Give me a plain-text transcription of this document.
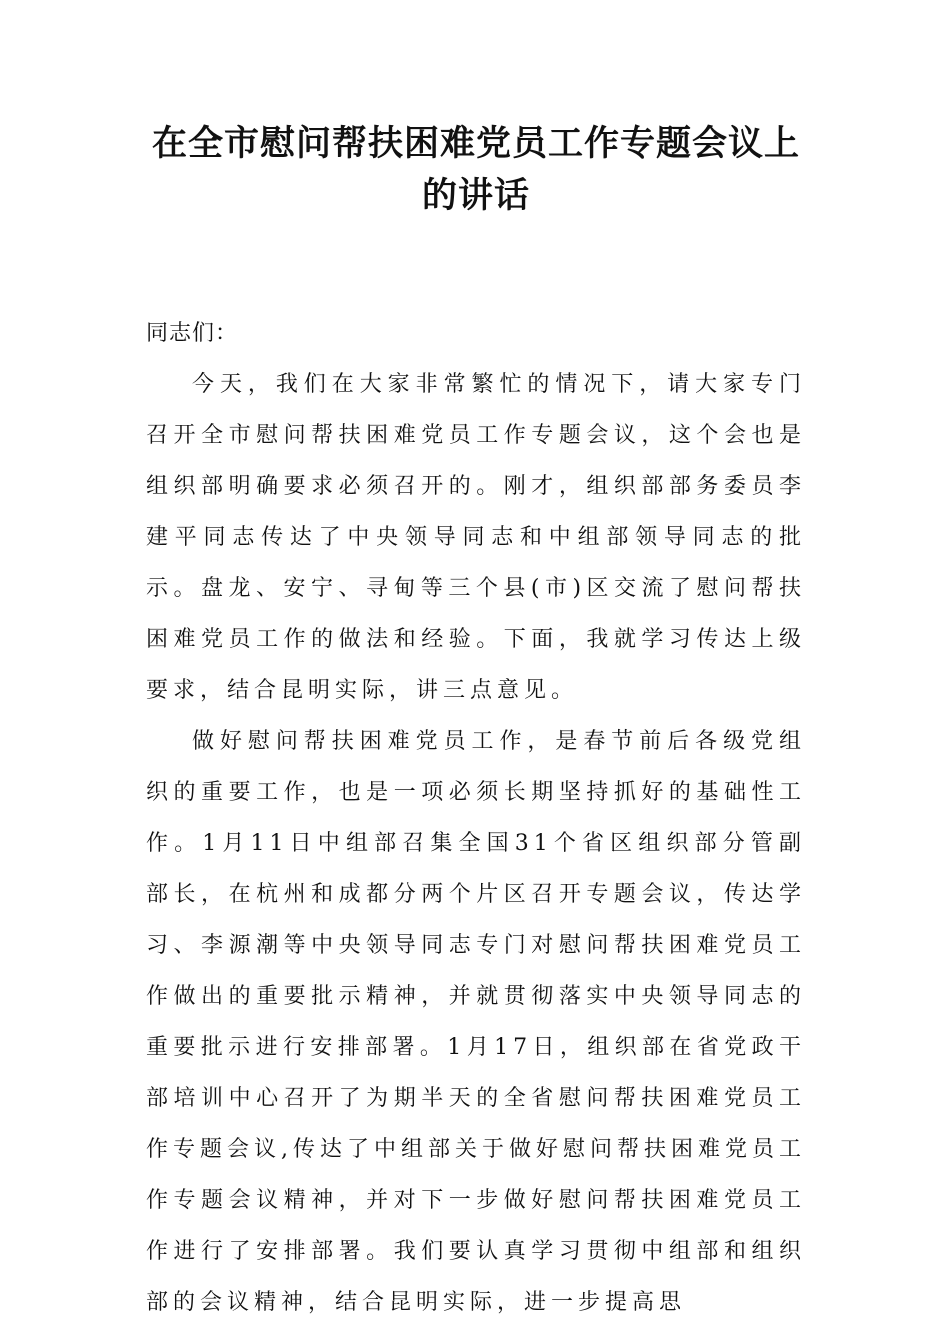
在全市慰问帮扶困难党员工作专题会议上
的讲话

同志们：

今天，我们在大家非常繁忙的情况下，请大家专门召开全市慰问帮扶困难党员工作专题会议，这个会也是组织部明确要求必须召开的。刚才，组织部部务委员李建平同志传达了中央领导同志和中组部领导同志的批示。盘龙、安宁、寻甸等三个县(市)区交流了慰问帮扶困难党员工作的做法和经验。下面，我就学习传达上级要求，结合昆明实际，讲三点意见。

做好慰问帮扶困难党员工作，是春节前后各级党组织的重要工作，也是一项必须长期坚持抓好的基础性工作。1月11日中组部召集全国31个省区组织部分管副部长，在杭州和成都分两个片区召开专题会议，传达学习、李源潮等中央领导同志专门对慰问帮扶困难党员工作做出的重要批示精神，并就贯彻落实中央领导同志的重要批示进行安排部署。1月17日，组织部在省党政干部培训中心召开了为期半天的全省慰问帮扶困难党员工作专题会议,传达了中组部关于做好慰问帮扶困难党员工作专题会议精神，并对下一步做好慰问帮扶困难党员工作进行了安排部署。我们要认真学习贯彻中组部和组织部的会议精神，结合昆明实际，进一步提高思
